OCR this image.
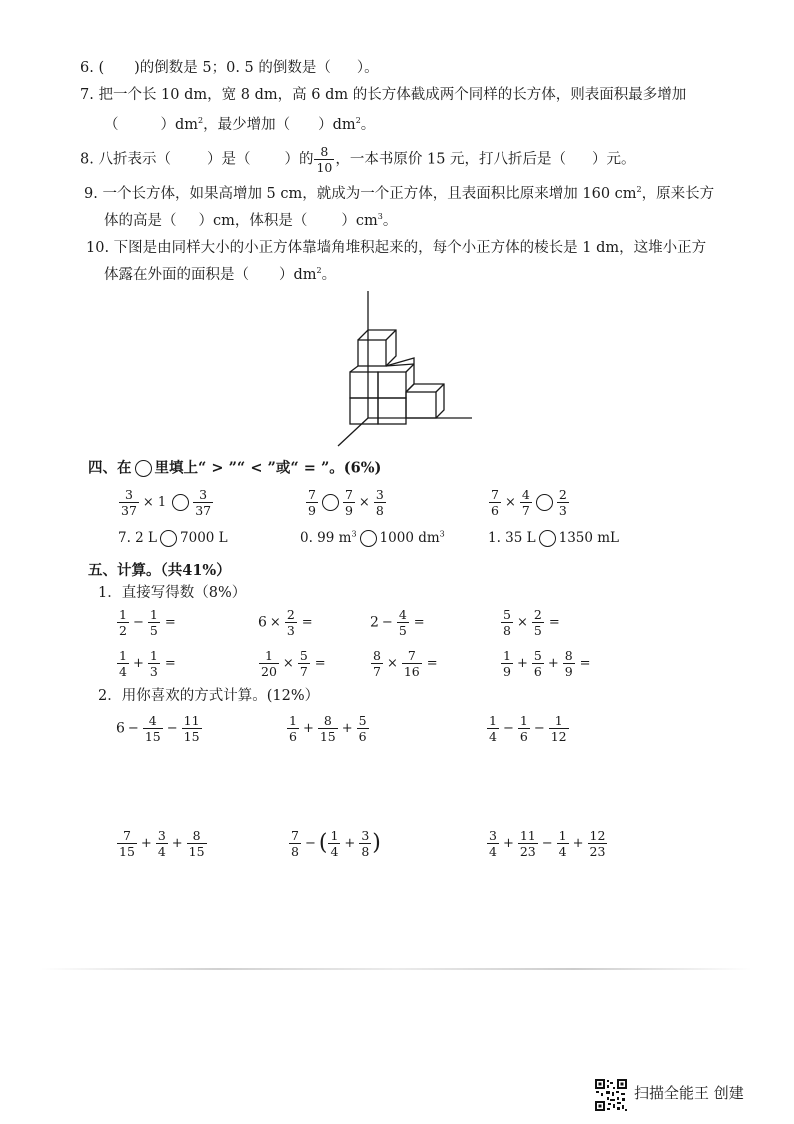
6. ( )的倒数是 5；0. 5 的倒数是（ ）。
7. 把一个长 10 dm，宽 8 dm，高 6 dm 的长方体截成两个同样的长方体，则表面积最多增加
（	）$dm^2$，最少增加（ ）$dm^2$。
8. 八折表示（ ）是（ ）的 $\frac{8}{10}$ ，一本书原价 15 元，打八折后是（ ）元。
9. 一个长方体，如果高增加 5 cm，就成为一个正方体，且表面积比原来增加 160 $cm^2$，原来长方
体的高是（ ）cm，体积是（ ）$cm^3$。
10. 下图是由同样大小的小正方体靠墙角堆积起来的，每个小正方体的棱长是 1 dm，这堆小正方
体露在外面的面积是（ ）$dm^2$。
四、在 里填上“ > ”“ < ”或“ = ”。(6%)
$\frac{3}{37} \times 1 \frac{3}{37}$	$\frac{7}{9} \frac{7}{9} \times \frac{3}{8}$	$\frac{7}{6} \times \frac{4}{7} \frac{2}{3}$
7. 2 L 7000 L	0. 99 $m^3$ 1000 $dm^3$	1. 35 L 1350 mL
五、计算。（共41%）
1．直接写得数（8%）
$\frac{1}{2} - \frac{1}{5}$ =	$6 \times \frac{2}{3}$ =	$2 - \frac{4}{5}$ =	$\frac{5}{8} \times \frac{2}{5}$ =
$\frac{1}{4} + \frac{1}{3}$ =	$\frac{1}{20} \times \frac{5}{7}$ =	$\frac{8}{7} \times \frac{7}{16}$ =	$\frac{1}{9} + \frac{5}{6} + \frac{8}{9}$ =
2．用你喜欢的方式计算。(12%）
$6 - \frac{4}{15} - \frac{11}{15}$	$\frac{1}{6} + \frac{8}{15} + \frac{5}{6}$	$\frac{1}{4} - \frac{1}{6} - \frac{1}{12}$
$\frac{7}{15} + \frac{3}{4} + \frac{8}{15}$	$\frac{7}{8}$ − ( $\frac{1}{4} + \frac{3}{8}$ )	$\frac{3}{4} + \frac{11}{23} - \frac{1}{4} + \frac{12}{23}$
扫描全能王 创建
